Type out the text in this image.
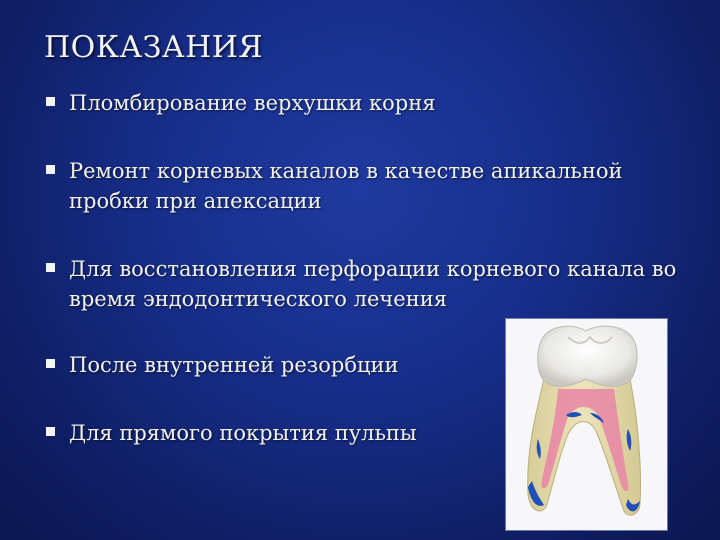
ПОКАЗАНИЯ
Пломбирование верхушки корня
Ремонт корневых каналов в качестве апикальной пробки при апексации
Для восстановления перфорации корневого канала во время эндодонтического лечения
После внутренней резорбции
Для прямого покрытия пульпы
